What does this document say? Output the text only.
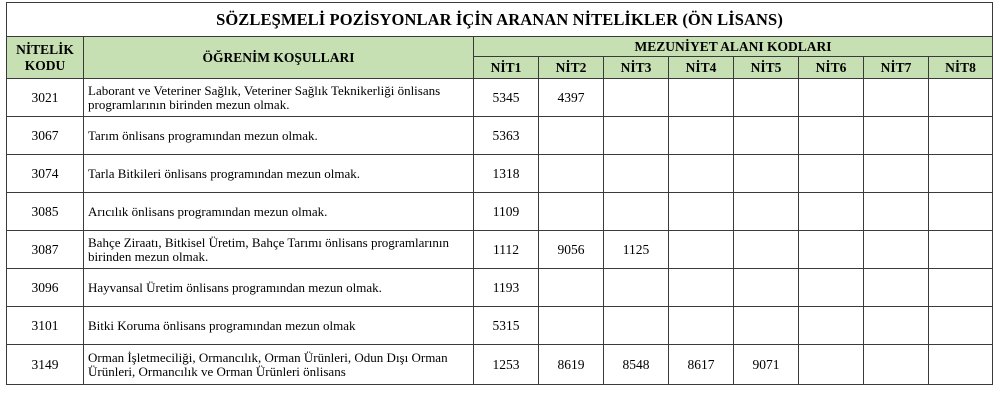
SÖZLEŞMELİ POZİSYONLAR İÇİN ARANAN NİTELİKLER (ÖN LİSANS)									

NİTELİK
KODU	ÖĞRENİM KOŞULLARI	MEZUNİYET ALANI KODLARI							
		NİT1	NİT2	NİT3	NİT4	NİT5	NİT6	NİT7	NİT8
3021	Laborant ve Veteriner Sağlık, Veteriner Sağlık Teknikerliği önlisans programlarının birinden mezun olmak.	5345	4397						
3067	Tarım önlisans programından mezun olmak.	5363							
3074	Tarla Bitkileri önlisans programından mezun olmak.	1318							
3085	Arıcılık önlisans programından mezun olmak.	1109							
3087	Bahçe Ziraatı, Bitkisel Üretim, Bahçe Tarımı önlisans programlarının birinden mezun olmak.	1112	9056	1125					
3096	Hayvansal Üretim önlisans programından mezun olmak.	1193							
3101	Bitki Koruma önlisans programından mezun olmak	5315							
3149	Orman İşletmeciliği, Ormancılık, Orman Ürünleri, Odun Dışı Orman Ürünleri, Ormancılık ve Orman Ürünleri önlisans	1253	8619	8548	8617	9071			
